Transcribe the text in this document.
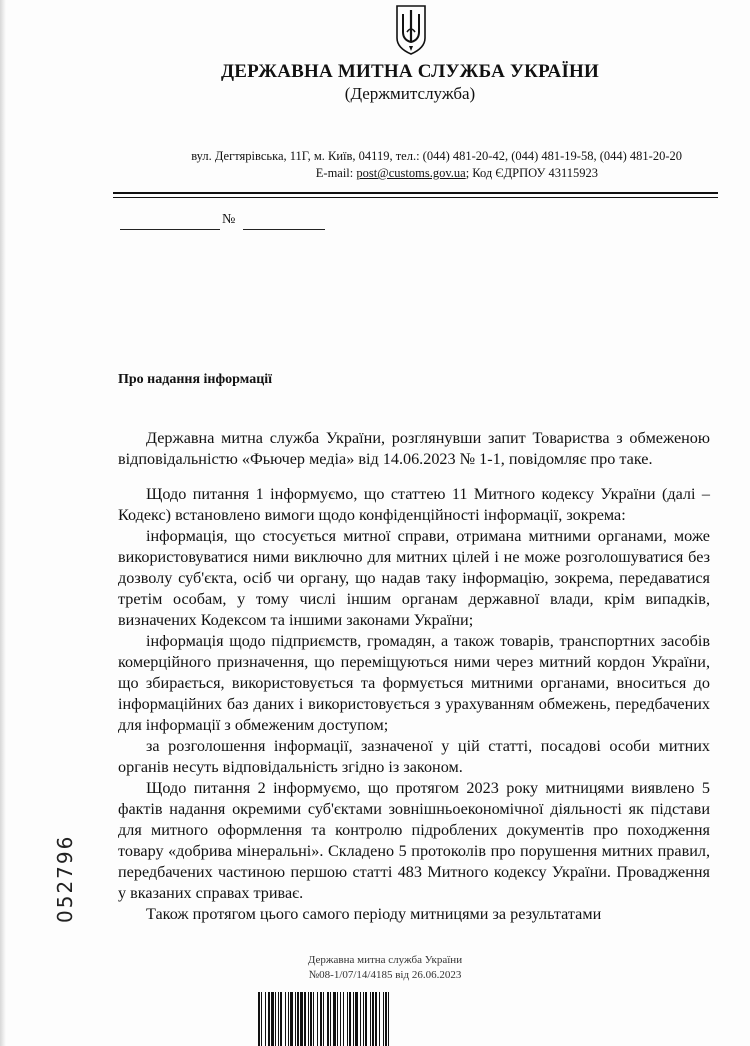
ДЕРЖАВНА МИТНА СЛУЖБА УКРАЇНИ
(Держмитслужба)
вул. Дегтярівська, 11Г, м. Київ, 04119, тел.: (044) 481-20-42, (044) 481-19-58, (044) 481-20-20
E-mail: post@customs.gov.ua; Код ЄДРПОУ 43115923
№
Про надання інформації

Державна митна служба України, розглянувши запит Товариства з обмеженою відповідальністю «Фьючер медіа» від 14.06.2023 № 1-1, повідомляє про таке.

Щодо питання 1 інформуємо, що статтею 11 Митного кодексу України (далі – Кодекс) встановлено вимоги щодо конфіденційності інформації, зокрема:

інформація, що стосується митної справи, отримана митними органами, може використовуватися ними виключно для митних цілей і не може розголошуватися без дозволу суб'єкта, осіб чи органу, що надав таку інформацію, зокрема, передаватися третім особам, у тому числі іншим органам державної влади, крім випадків, визначених Кодексом та іншими законами України;

інформація щодо підприємств, громадян, а також товарів, транспортних засобів комерційного призначення, що переміщуються ними через митний кордон України, що збирається, використовується та формується митними органами, вноситься до інформаційних баз даних і використовується з урахуванням обмежень, передбачених для інформації з обмеженим доступом;

за розголошення інформації, зазначеної у цій статті, посадові особи митних органів несуть відповідальність згідно із законом.

Щодо питання 2 інформуємо, що протягом 2023 року митницями виявлено 5 фактів надання окремими суб'єктами зовнішньоекономічної діяльності як підстави для митного оформлення та контролю підроблених документів про походження товару «добрива мінеральні». Складено 5 протоколів про порушення митних правил, передбачених частиною першою статті 483 Митного кодексу України. Провадження у вказаних справах триває.

Також протягом цього самого періоду митницями за результатами

052796
Державна митна служба України
№08-1/07/14/4185 від 26.06.2023
